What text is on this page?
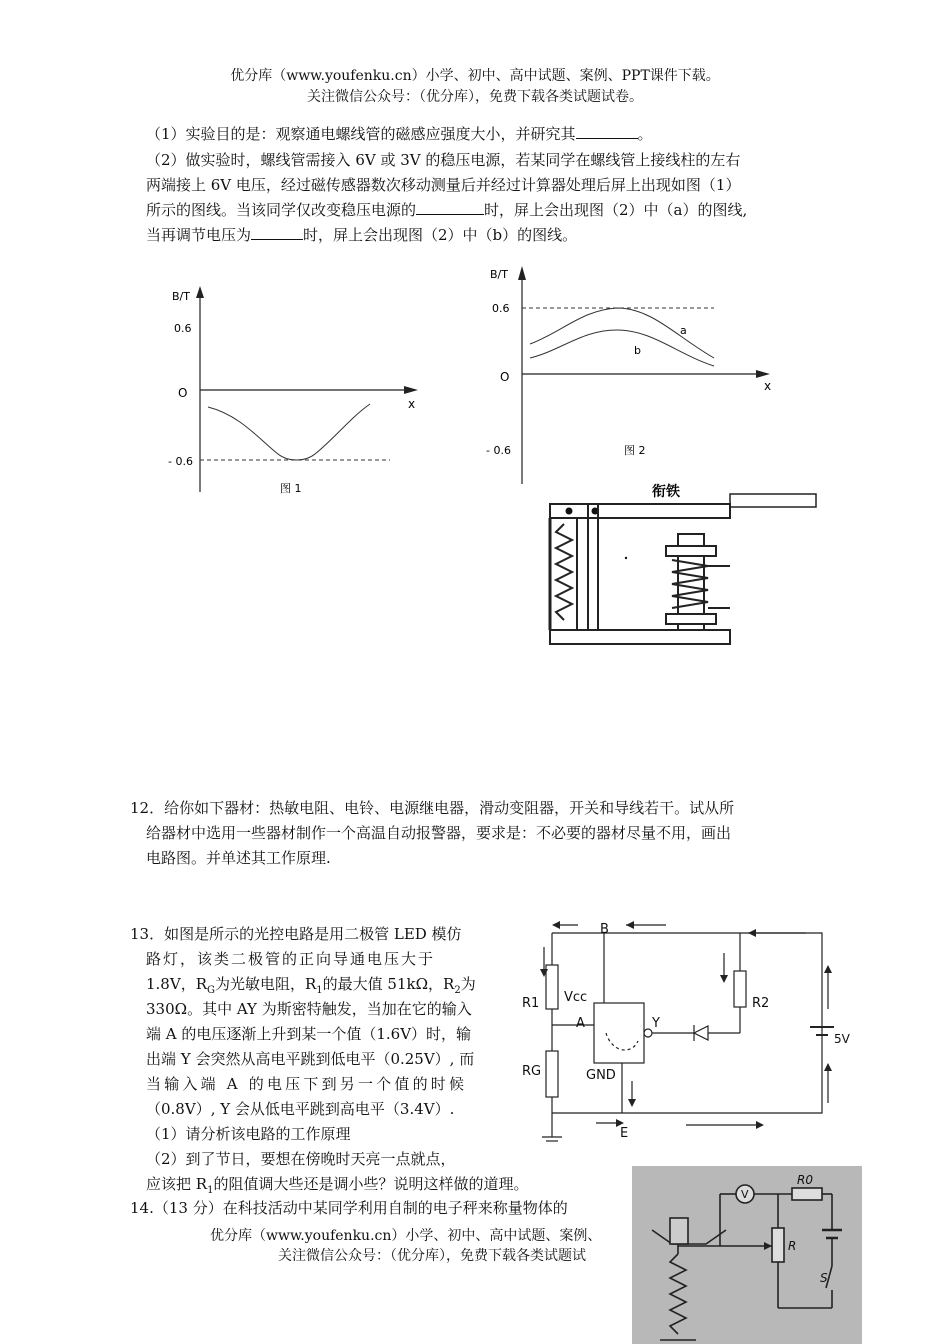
优分库（www.youfenku.cn）小学、初中、高中试题、案例、PPT课件下载。
关注微信公众号：（优分库），免费下载各类试题试卷。
（1）实验目的是：观察通电螺线管的磁感应强度大小，并研究其	。
（2）做实验时，螺线管需接入 6V 或 3V 的稳压电源，若某同学在螺线管上接线柱的左右
两端接上 6V 电压，经过磁传感器数次移动测量后并经过计算器处理后屏上出现如图（1）
所示的图线。当该同学仅改变稳压电源的	时，屏上会出现图（2）中（a）的图线,
当再调节电压为	时，屏上会出现图（2）中（b）的图线。
B/T
0.6
O
- 0.6
x
图 1
B/T
0.6
O
- 0.6
x
a
b
图 2
衔铁
12．给你如下器材：热敏电阻、电铃、电源继电器，滑动变阻器，开关和导线若干。试从所
给器材中选用一些器材制作一个高温自动报警器，要求是：不必要的器材尽量不用，画出
电路图。并单述其工作原理.
13．如图是所示的光控电路是用二极管 LED 模仿
路灯，该类二极管的正向导通电压大于
1.8V，$R_G$为光敏电阻，$R_1$的最大值 51kΩ，$R_2$为
330Ω。其中 AY 为斯密特触发，当加在它的输入
端 A 的电压逐渐上升到某一个值（1.6V）时，输
出端 Y 会突然从高电平跳到低电平（0.25V）, 而
当输入端 A 的电压下到另一个值的时候
（0.8V）, Y 会从低电平跳到高电平（3.4V）.
（1）请分析该电路的工作原理
（2）到了节日，要想在傍晚时天亮一点就点，
应该把 $R_1$的阻值调大些还是调小些？说明这样做的道理。
B
R1 Vcc
A	Y
R2
RG	GND
E
5V
14.（13 分）在科技活动中某同学利用自制的电子秤来称量物体的
优分库（www.youfenku.cn）小学、初中、高中试题、案例、
关注微信公众号：（优分库），免费下载各类试题试
V
R0
R
S
